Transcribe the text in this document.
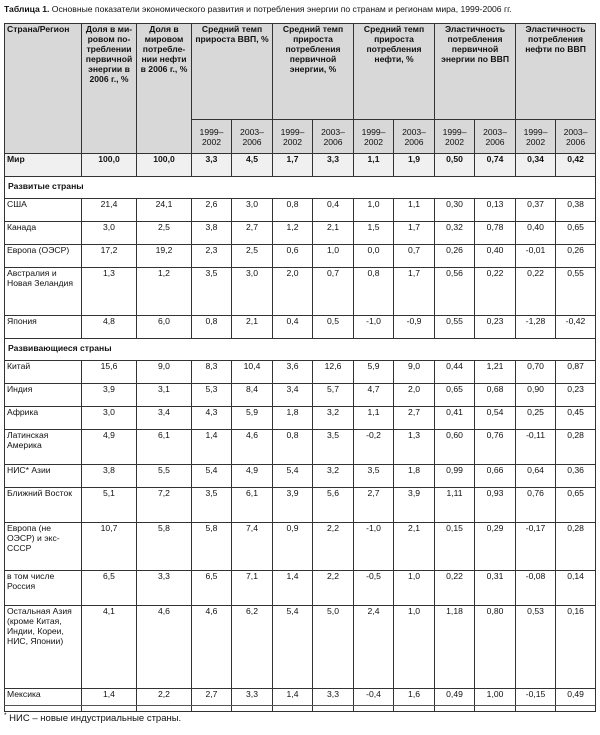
Таблица 1. Основные показатели экономического развития и потребления энергии по странам и регионам мира, 1999-2006 гг.
Страна/Регион	Доля в ми-ровом по-треблении первичной энергии в 2006 г., %	Доля в мировом потребле-нии нефти в 2006 г., %	Средний темп прироста ВВП, %		Средний темп прироста потребления первичной энергии, %		Средний темп прироста потребления нефти, %		Эластичность потребления первичной энергии по ВВП		Эластичность потребления нефти по ВВП	
			1999–2002	2003–2006	1999–2002	2003–2006	1999–2002	2003–2006	1999–2002	2003–2006	1999–2002	2003–2006
Мир	100,0	100,0	3,3	4,5	1,7	3,3	1,1	1,9	0,50	0,74	0,34	0,42
Развитые страны												
США	21,4	24,1	2,6	3,0	0,8	0,4	1,0	1,1	0,30	0,13	0,37	0,38
Канада	3,0	2,5	3,8	2,7	1,2	2,1	1,5	1,7	0,32	0,78	0,40	0,65
Европа (ОЭСР)	17,2	19,2	2,3	2,5	0,6	1,0	0,0	0,7	0,26	0,40	-0,01	0,26
Австралия и Новая Зеландия	1,3	1,2	3,5	3,0	2,0	0,7	0,8	1,7	0,56	0,22	0,22	0,55
Япония	4,8	6,0	0,8	2,1	0,4	0,5	-1,0	-0,9	0,55	0,23	-1,28	-0,42
Развивающиеся страны												
Китай	15,6	9,0	8,3	10,4	3,6	12,6	5,9	9,0	0,44	1,21	0,70	0,87
Индия	3,9	3,1	5,3	8,4	3,4	5,7	4,7	2,0	0,65	0,68	0,90	0,23
Африка	3,0	3,4	4,3	5,9	1,8	3,2	1,1	2,7	0,41	0,54	0,25	0,45
Латинская Америка	4,9	6,1	1,4	4,6	0,8	3,5	-0,2	1,3	0,60	0,76	-0,11	0,28
НИС* Азии	3,8	5,5	5,4	4,9	5,4	3,2	3,5	1,8	0,99	0,66	0,64	0,36
Ближний Восток	5,1	7,2	3,5	6,1	3,9	5,6	2,7	3,9	1,11	0,93	0,76	0,65
Европа (не ОЭСР) и экс-СССР	10,7	5,8	5,8	7,4	0,9	2,2	-1,0	2,1	0,15	0,29	-0,17	0,28
в том числе Россия	6,5	3,3	6,5	7,1	1,4	2,2	-0,5	1,0	0,22	0,31	-0,08	0,14
Остальная Азия (кроме Китая, Индии, Кореи, НИС, Японии)	4,1	4,6	4,6	6,2	5,4	5,0	2,4	1,0	1,18	0,80	0,53	0,16
Мексика	1,4	2,2	2,7	3,3	1,4	3,3	-0,4	1,6	0,49	1,00	-0,15	0,49
* НИС – новые индустриальные страны.
